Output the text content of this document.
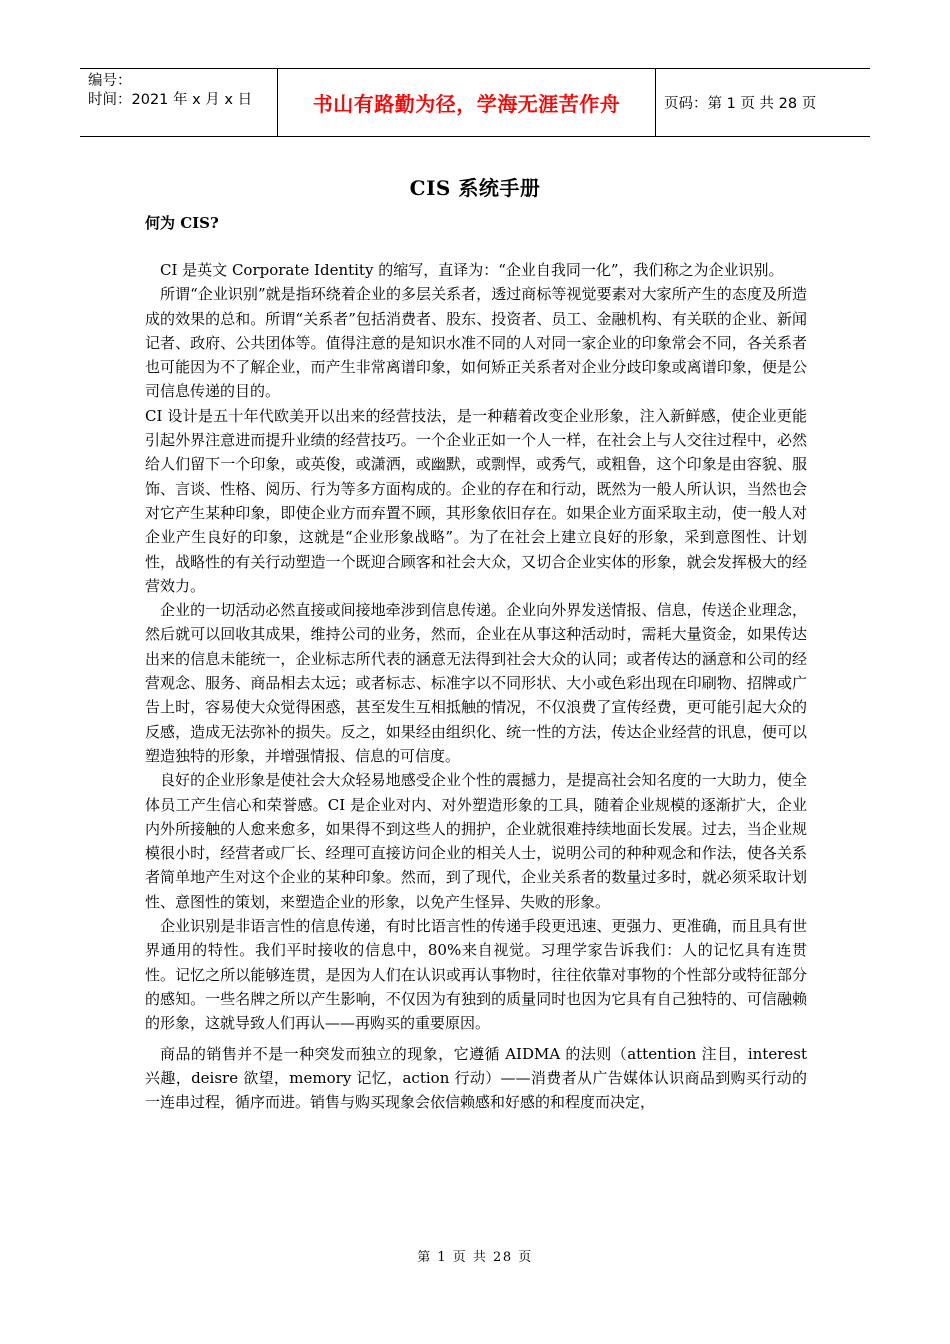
编号：
时间：2021 年 x 月 x 日	书山有路勤为径，学海无涯苦作舟	页码：第 1 页 共 28 页
CIS 系统手册
何为 CIS?

CI 是英文 Corporate Identity 的缩写，直译为：“企业自我同一化”，我们称之为企业识别。

所谓“企业识别”就是指环绕着企业的多层关系者，透过商标等视觉要素对大家所产生的态度及所造成的效果的总和。所谓“关系者”包括消费者、股东、投资者、员工、金融机构、有关联的企业、新闻记者、政府、公共团体等。值得注意的是知识水准不同的人对同一家企业的印象常会不同，各关系者也可能因为不了解企业，而产生非常离谱印象，如何矫正关系者对企业分歧印象或离谱印象，便是公司信息传递的目的。

CI 设计是五十年代欧美开以出来的经营技法，是一种藉着改变企业形象，注入新鲜感，使企业更能引起外界注意进而提升业绩的经营技巧。一个企业正如一个人一样，在社会上与人交往过程中，必然给人们留下一个印象，或英俊，或潇洒，或幽默，或剽悍，或秀气，或粗鲁，这个印象是由容貌、服饰、言谈、性格、阅历、行为等多方面构成的。企业的存在和行动，既然为一般人所认识，当然也会对它产生某种印象，即使企业方而弃置不顾，其形象依旧存在。如果企业方面采取主动，使一般人对企业产生良好的印象，这就是“企业形象战略”。为了在社会上建立良好的形象，采到意图性、计划性，战略性的有关行动塑造一个既迎合顾客和社会大众，又切合企业实体的形象，就会发挥极大的经营效力。

企业的一切活动必然直接或间接地牵涉到信息传递。企业向外界发送情报、信息，传送企业理念，然后就可以回收其成果，维持公司的业务，然而，企业在从事这种活动时，需耗大量资金，如果传达出来的信息未能统一，企业标志所代表的涵意无法得到社会大众的认同；或者传达的涵意和公司的经营观念、服务、商品相去太远；或者标志、标准字以不同形状、大小或色彩出现在印刷物、招牌或广告上时，容易使大众觉得困惑，甚至发生互相抵触的情况，不仅浪费了宣传经费，更可能引起大众的反感，造成无法弥补的损失。反之，如果经由组织化、统一性的方法，传达企业经营的讯息，便可以塑造独特的形象，并增强情报、信息的可信度。

良好的企业形象是使社会大众轻易地感受企业个性的震撼力，是提高社会知名度的一大助力，使全体员工产生信心和荣誉感。CI 是企业对内、对外塑造形象的工具，随着企业规模的逐渐扩大，企业内外所接触的人愈来愈多，如果得不到这些人的拥护，企业就很难持续地面长发展。过去，当企业规模很小时，经营者或厂长、经理可直接访问企业的相关人士，说明公司的种种观念和作法，使各关系者简单地产生对这个企业的某种印象。然而，到了现代，企业关系者的数量过多时，就必须采取计划性、意图性的策划，来塑造企业的形象，以免产生怪异、失败的形象。

企业识别是非语言性的信息传递，有时比语言性的传递手段更迅速、更强力、更准确，而且具有世界通用的特性。我们平时接收的信息中，80%来自视觉。习理学家告诉我们：人的记忆具有连贯性。记忆之所以能够连贯，是因为人们在认识或再认事物时，往往依靠对事物的个性部分或特征部分的感知。一些名牌之所以产生影响，不仅因为有独到的质量同时也因为它具有自己独特的、可信融赖的形象，这就导致人们再认——再购买的重要原因。

商品的销售并不是一种突发而独立的现象，它遵循 AIDMA 的法则（attention 注目，interest 兴趣，deisre 欲望，memory 记忆，action 行动）——消费者从广告媒体认识商品到购买行动的一连串过程，循序而进。销售与购买现象会依信赖感和好感的和程度而决定，

第 1 页 共 28 页
